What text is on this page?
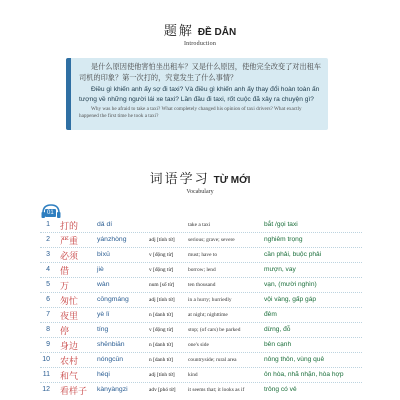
题解 ĐỀ DẪN
Introduction

是什么原因使他害怕坐出租车？又是什么原因，使他完全改变了对出租车司机的印象？第一次打的，究竟发生了什么事情？

Điều gì khiến anh ấy sợ đi taxi? Và điều gì khiến anh ấy thay đổi hoàn toàn ấn tượng về những người lái xe taxi? Lần đầu đi taxi, rốt cuộc đã xảy ra chuyện gì?

Why was he afraid to take a taxi? What completely changed his opinion of taxi drivers? What exactly happened the first time he took a taxi?

词语学习 TỪ MỚI
Vocabulary
01
1 打的	dǎ dí	take a taxi	bắt /gọi taxi
2 严重	yánzhòng	adj [tính từ] serious; grave; severe	nghiêm trọng
3 必须	bìxū	v [động từ]	must; have to	cần phải, buộc phải
4 借	jiè	v [động từ]	borrow; lend	mượn, vay
5 万	wàn	num [số từ]	ten thousand	vạn, (mười nghìn)
6 匆忙	cōngmáng	adj [tính từ] in a hurry; hurriedly	vội vàng, gấp gáp
7 夜里	yè lǐ	n [danh từ]	at night; nighttime	đêm
8 停	tíng	v [động từ]	stop; (of cars) be parked	dừng, đỗ
9 身边	shēnbiān	n [danh từ]	one's side	bên cạnh
10 农村	nóngcūn	n [danh từ]	countryside; rural area	nông thôn, vùng quê
11 和气	héqi	adj [tính từ] kind	ôn hòa, nhã nhặn, hòa hợp
12 看样子 kànyàngzi	adv [phó từ] it seems that; it looks as if	trông có vẻ
